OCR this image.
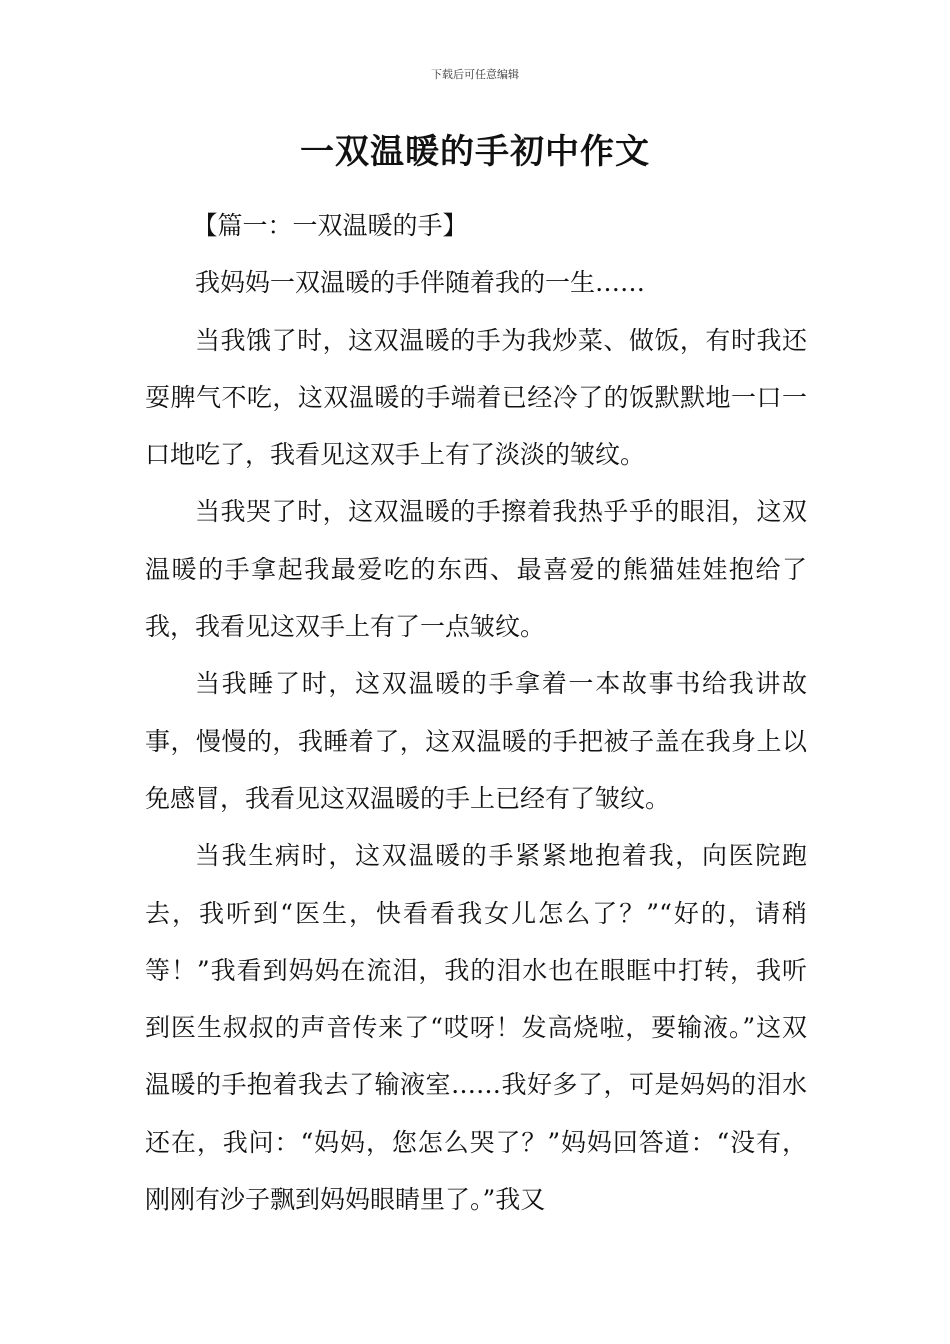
下载后可任意编辑
一双温暖的手初中作文

【篇一：一双温暖的手】

我妈妈一双温暖的手伴随着我的一生……

当我饿了时，这双温暖的手为我炒菜、做饭，有时我还耍脾气不吃，这双温暖的手端着已经冷了的饭默默地一口一口地吃了，我看见这双手上有了淡淡的皱纹。

当我哭了时，这双温暖的手擦着我热乎乎的眼泪，这双温暖的手拿起我最爱吃的东西、最喜爱的熊猫娃娃抱给了我，我看见这双手上有了一点皱纹。

当我睡了时，这双温暖的手拿着一本故事书给我讲故事，慢慢的，我睡着了，这双温暖的手把被子盖在我身上以免感冒，我看见这双温暖的手上已经有了皱纹。

当我生病时，这双温暖的手紧紧地抱着我，向医院跑去，我听到“医生，快看看我女儿怎么了？”“好的，请稍等！”我看到妈妈在流泪，我的泪水也在眼眶中打转，我听到医生叔叔的声音传来了“哎呀！发高烧啦，要输液。”这双温暖的手抱着我去了输液室……我好多了，可是妈妈的泪水还在，我问：“妈妈，您怎么哭了？”妈妈回答道：“没有，刚刚有沙子飘到妈妈眼睛里了。”我又
